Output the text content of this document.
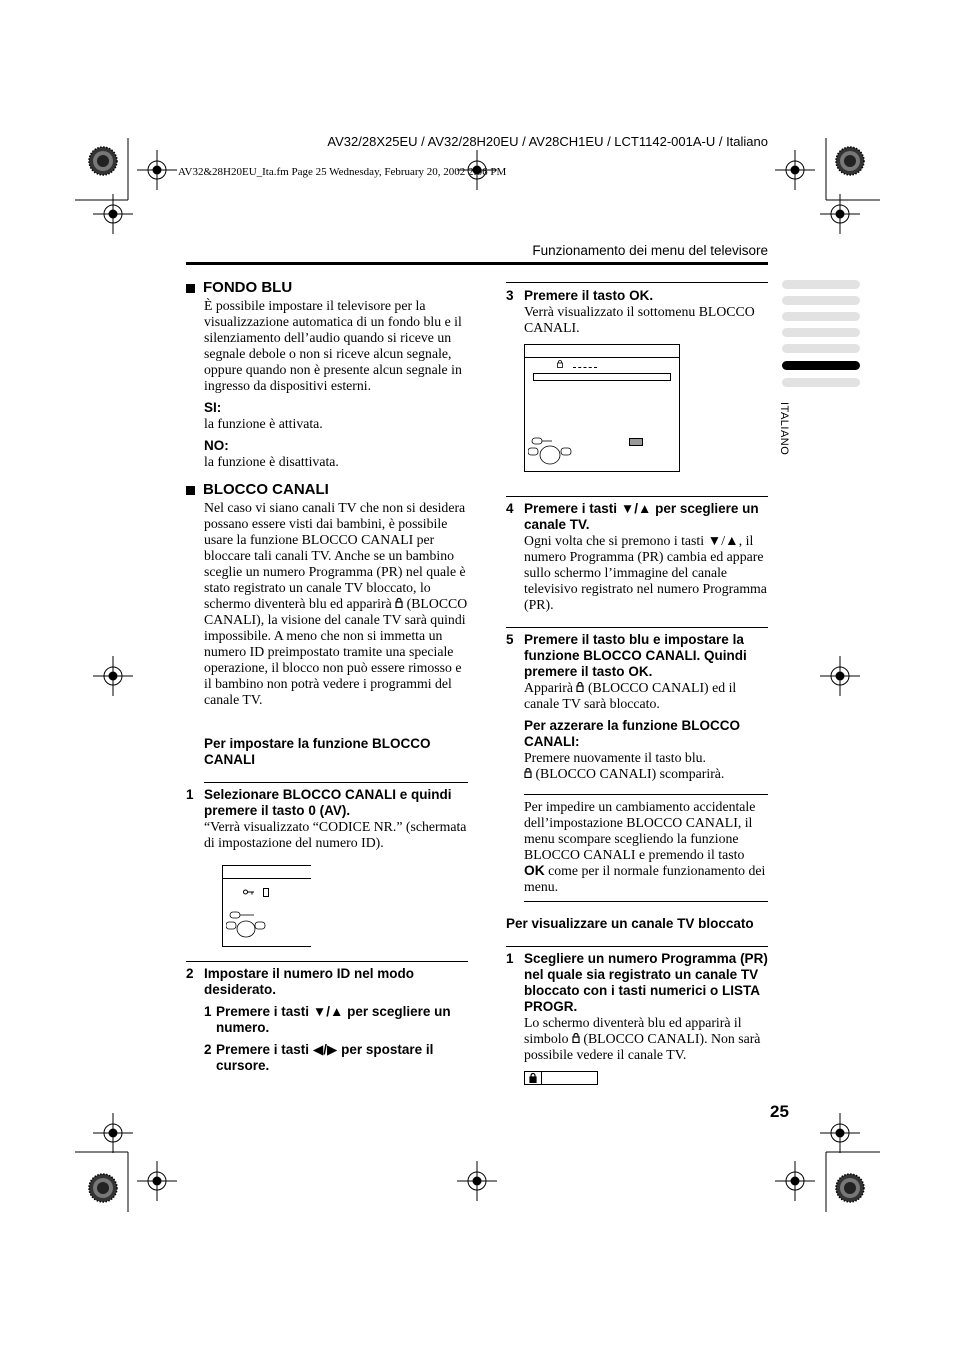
AV32/28X25EU / AV32/28H20EU / AV28CH1EU / LCT1142-001A-U / Italiano
AV32&28H20EU_Ita.fm Page 25 Wednesday, February 20, 2002 2:06 PM
Funzionamento dei menu del televisore
ITALIANO
FONDO BLU
È possibile impostare il televisore per la visualizzazione automatica di un fondo blu e il silenziamento dell’audio quando si riceve un segnale debole o non si riceve alcun segnale, oppure quando non è presente alcun segnale in ingresso da dispositivi esterni.
SI:
la funzione è attivata.
NO:
la funzione è disattivata.
BLOCCO CANALI
Nel caso vi siano canali TV che non si desidera possano essere visti dai bambini, è possibile usare la funzione BLOCCO CANALI per bloccare tali canali TV. Anche se un bambino sceglie un numero Programma (PR) nel quale è stato registrato un canale TV bloccato, lo schermo diventerà blu ed apparirà (BLOCCO CANALI), la visione del canale TV sarà quindi impossibile. A meno che non si immetta un numero ID preimpostato tramite una speciale operazione, il blocco non può essere rimosso e il bambino non potrà vedere i programmi del canale TV.
Per impostare la funzione BLOCCO CANALI
1 Selezionare BLOCCO CANALI e quindi premere il tasto 0 (AV).
“Verrà visualizzato “CODICE NR.” (schermata di impostazione del numero ID).
2 Impostare il numero ID nel modo desiderato.
1 Premere i tasti ▼/▲ per scegliere un numero.
2 Premere i tasti ◀/▶ per spostare il cursore.
3 Premere il tasto OK.
Verrà visualizzato il sottomenu BLOCCO CANALI.
4 Premere i tasti ▼/▲ per scegliere un canale TV.
Ogni volta che si premono i tasti ▼/▲, il numero Programma (PR) cambia ed appare sullo schermo l’immagine del canale televisivo registrato nel numero Programma (PR).
5 Premere il tasto blu e impostare la funzione BLOCCO CANALI. Quindi premere il tasto OK.
Apparirà (BLOCCO CANALI) ed il canale TV sarà bloccato.
Per azzerare la funzione BLOCCO CANALI:
Premere nuovamente il tasto blu.
(BLOCCO CANALI) scomparirà.
Per impedire un cambiamento accidentale dell’impostazione BLOCCO CANALI, il menu scompare scegliendo la funzione BLOCCO CANALI e premendo il tasto OK come per il normale funzionamento dei menu.
Per visualizzare un canale TV bloccato
1 Scegliere un numero Programma (PR) nel quale sia registrato un canale TV bloccato con i tasti numerici o LISTA PROGR.
Lo schermo diventerà blu ed apparirà il simbolo (BLOCCO CANALI). Non sarà possibile vedere il canale TV.
25
